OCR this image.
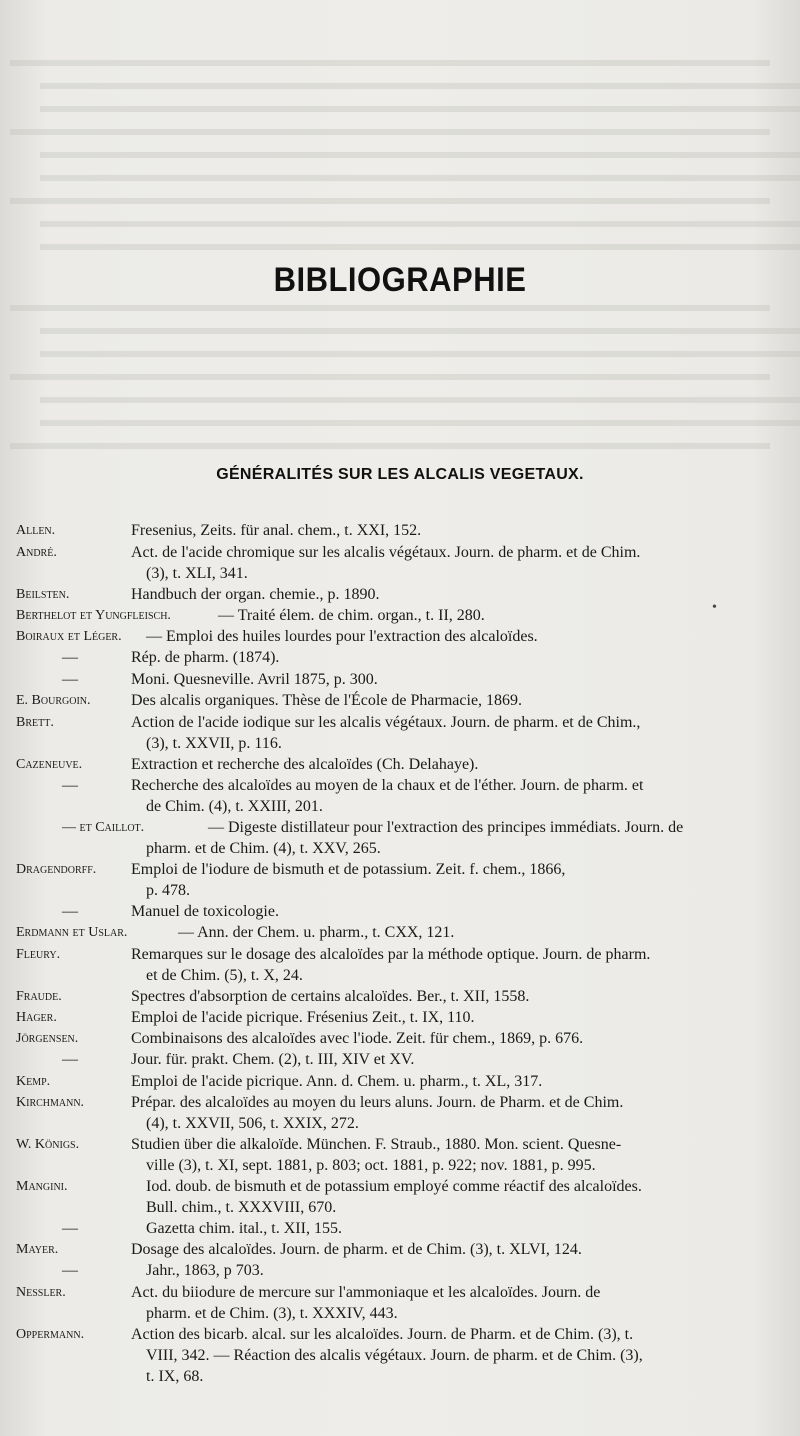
BIBLIOGRAPHIE
GÉNÉRALITÉS SUR LES ALCALIS VEGETAUX.
Allen.	Fresenius, Zeits. für anal. chem., t. XXI, 152.
André.	Act. de l'acide chromique sur les alcalis végétaux. Journ. de pharm. et de Chim.
(3), t. XLI, 341.
Beilsten.	Handbuch der organ. chemie., p. 1890.
Berthelot et Yungfleisch.	— Traité élem. de chim. organ., t. II, 280.
Boiraux et Léger. — Emploi des huiles lourdes pour l'extraction des alcaloïdes.
—	Rép. de pharm. (1874).
—	Moni. Quesneville. Avril 1875, p. 300.
E. Bourgoin.	Des alcalis organiques. Thèse de l'École de Pharmacie, 1869.
Brett.	Action de l'acide iodique sur les alcalis végétaux. Journ. de pharm. et de Chim.,
(3), t. XXVII, p. 116.
Cazeneuve.	Extraction et recherche des alcaloïdes (Ch. Delahaye).
—	Recherche des alcaloïdes au moyen de la chaux et de l'éther. Journ. de pharm. et
de Chim. (4), t. XXIII, 201.
— et Caillot.	— Digeste distillateur pour l'extraction des principes immédiats. Journ. de
pharm. et de Chim. (4), t. XXV, 265.
Dragendorff. Emploi de l'iodure de bismuth et de potassium. Zeit. f. chem., 1866,
p. 478.
—	Manuel de toxicologie.
Erdmann et Uslar.	— Ann. der Chem. u. pharm., t. CXX, 121.
Fleury.	Remarques sur le dosage des alcaloïdes par la méthode optique. Journ. de pharm.
et de Chim. (5), t. X, 24.
Fraude.	Spectres d'absorption de certains alcaloïdes. Ber., t. XII, 1558.
Hager.	Emploi de l'acide picrique. Frésenius Zeit., t. IX, 110.
Jörgensen.	Combinaisons des alcaloïdes avec l'iode. Zeit. für chem., 1869, p. 676.
—	Jour. für. prakt. Chem. (2), t. III, XIV et XV.
Kemp.	Emploi de l'acide picrique. Ann. d. Chem. u. pharm., t. XL, 317.
Kirchmann.	Prépar. des alcaloïdes au moyen du leurs aluns. Journ. de Pharm. et de Chim.
(4), t. XXVII, 506, t. XXIX, 272.
W. Königs.	Studien über die alkaloïde. München. F. Straub., 1880. Mon. scient. Quesne-
ville (3), t. XI, sept. 1881, p. 803; oct. 1881, p. 922; nov. 1881, p. 995.
Mangini.	Iod. doub. de bismuth et de potassium employé comme réactif des alcaloïdes.
Bull. chim., t. XXXVIII, 670.
—	Gazetta chim. ital., t. XII, 155.
Mayer.	Dosage des alcaloïdes. Journ. de pharm. et de Chim. (3), t. XLVI, 124.
—	Jahr., 1863, p 703.
Nessler.	Act. du biiodure de mercure sur l'ammoniaque et les alcaloïdes. Journ. de
pharm. et de Chim. (3), t. XXXIV, 443.
Oppermann.	Action des bicarb. alcal. sur les alcaloïdes. Journ. de Pharm. et de Chim. (3), t.
VIII, 342. — Réaction des alcalis végétaux. Journ. de pharm. et de Chim. (3),
t. IX, 68.
•
